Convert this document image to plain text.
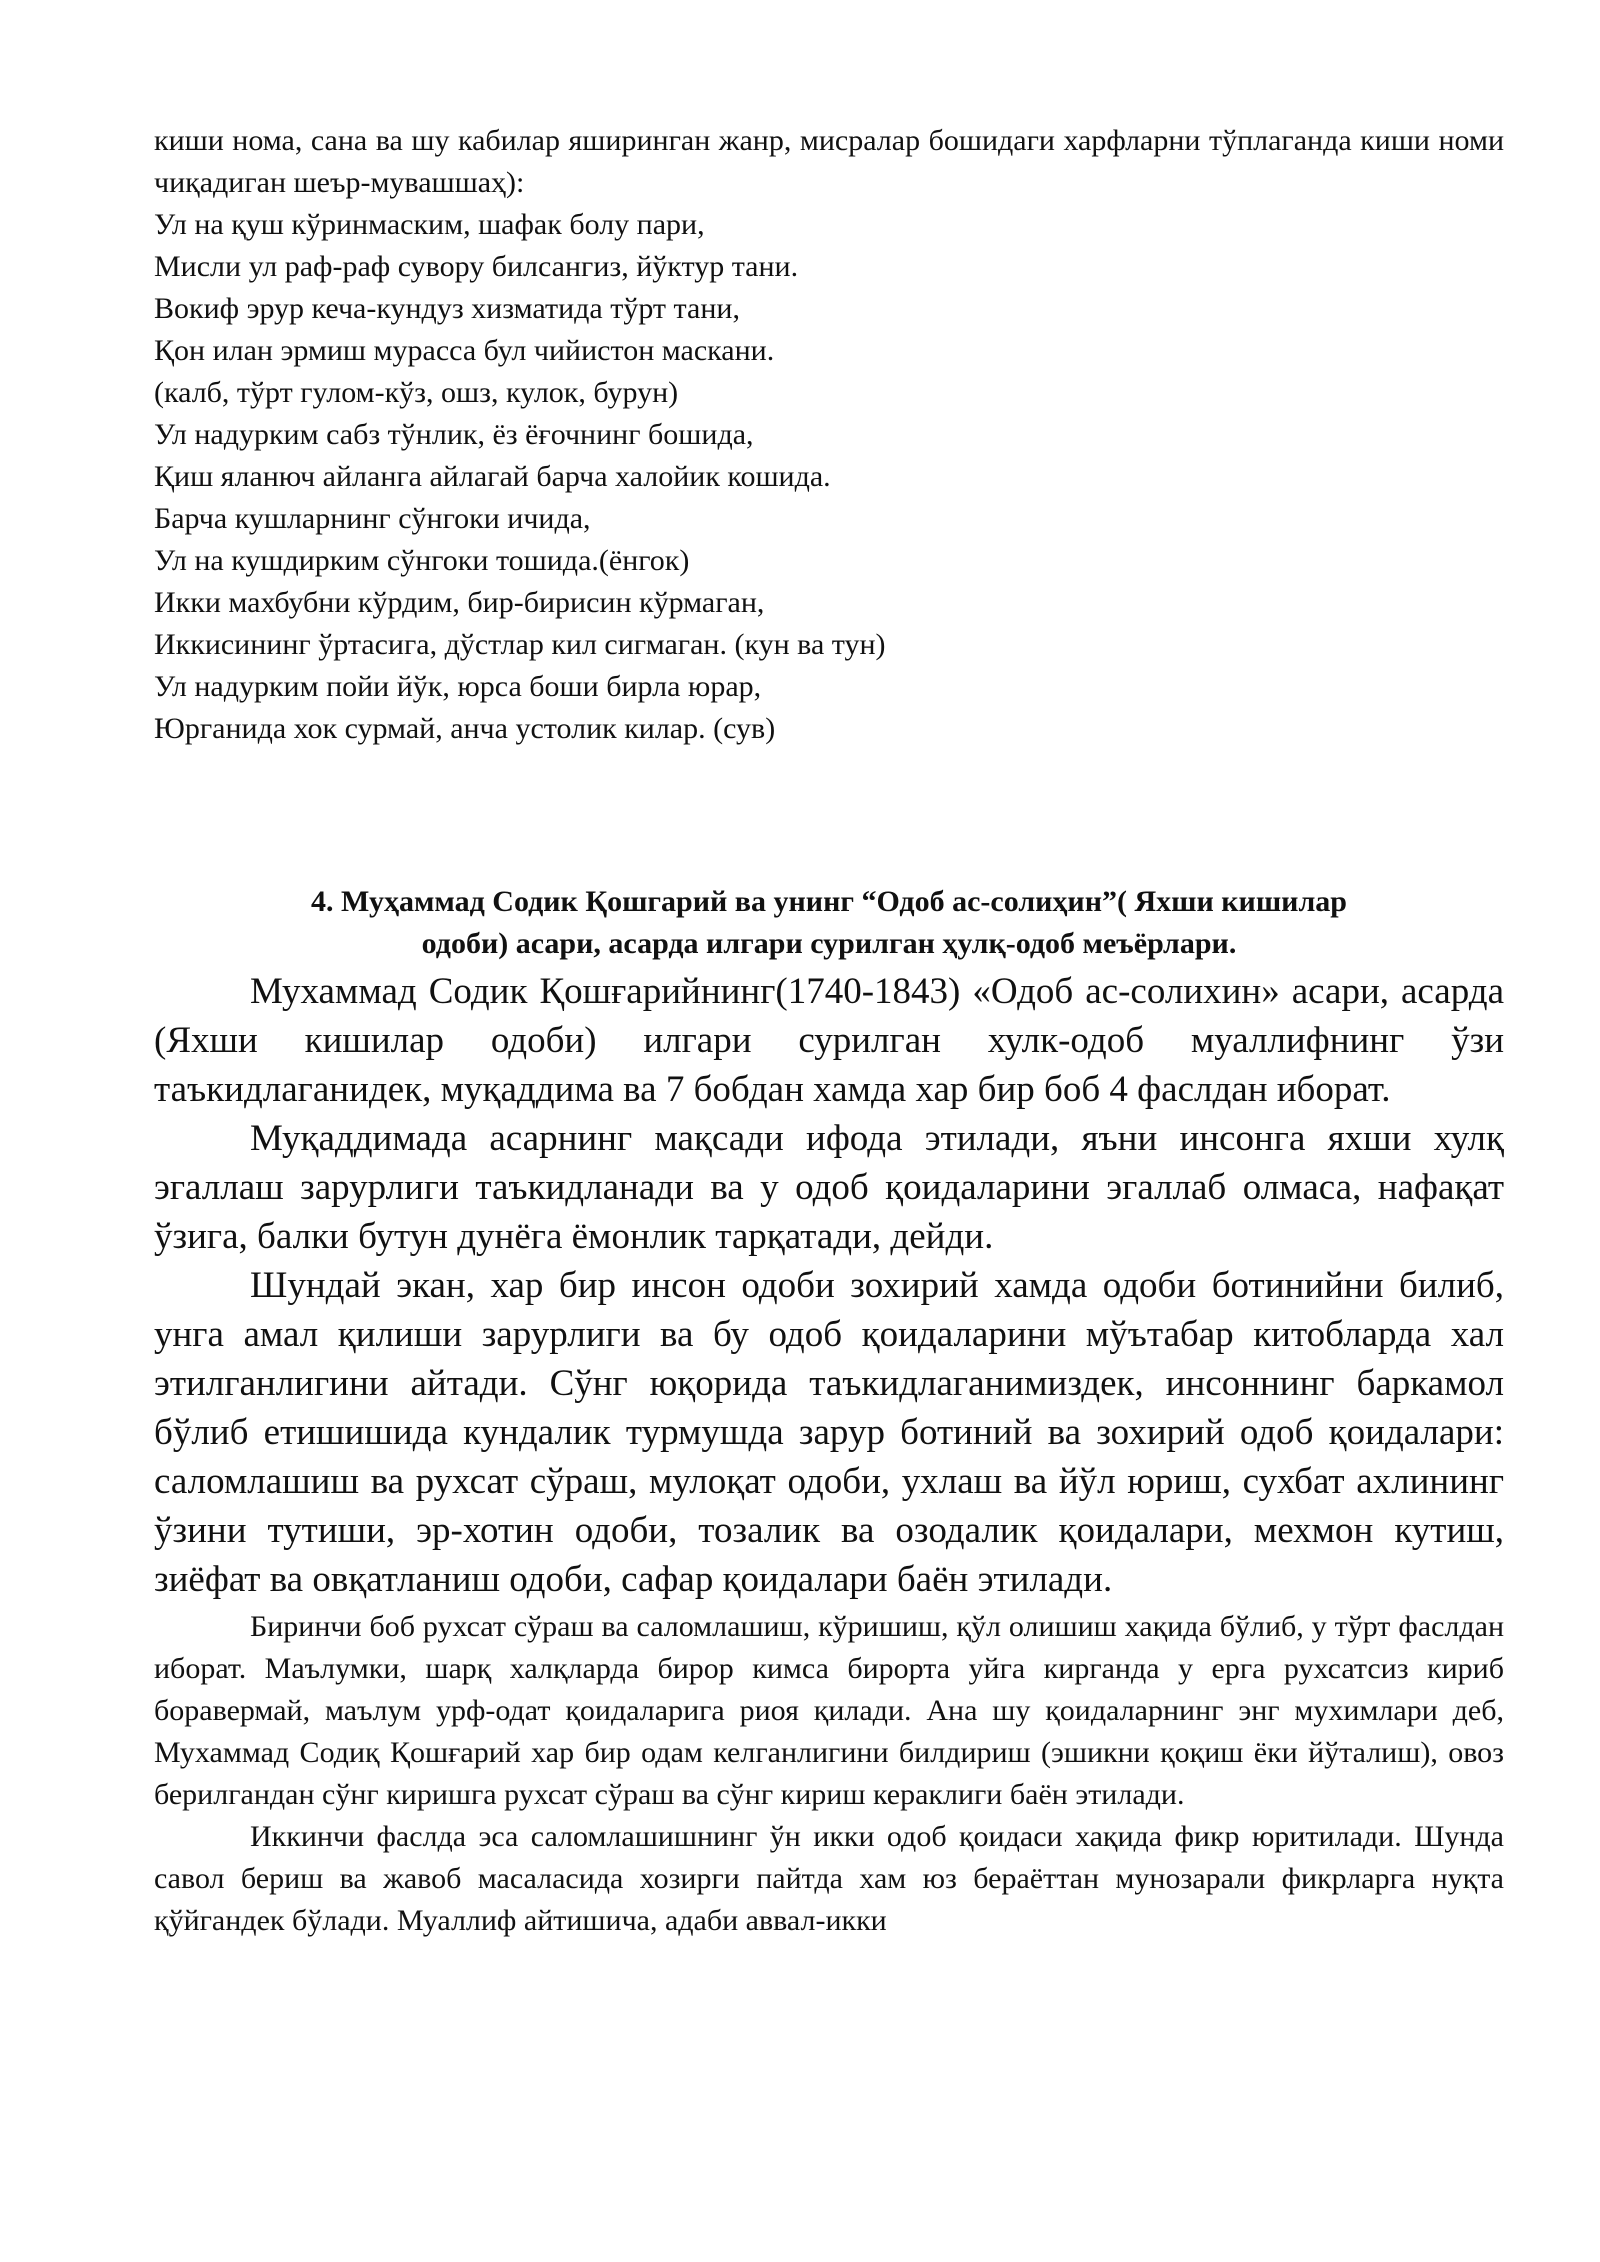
киши нома, сана ва шу кабилар яширинган жанр, мисралар бошидаги харфларни тўплаганда киши номи чиқадиган шеър-мувашшаҳ):

Ул на қуш кўринмаским, шафак болу пари,

Мисли ул раф-раф сувору билсангиз, йўктур тани.

Вокиф эрур кеча-кундуз хизматида тўрт тани,

Қон илан эрмиш мурасса бул чийистон маскани.

(калб, тўрт гулом-кўз, ошз, кулок, бурун)

Ул надурким сабз тўнлик, ёз ёғочнинг бошида,

Қиш яланюч айланга айлагай барча халойик кошида.

Барча кушларнинг сўнгоки ичида,

Ул на кушдирким сўнгоки тошида.(ёнгок)

Икки махбубни кўрдим, бир-бирисин кўрмаган,

Иккисининг ўртасига, дўстлар кил сигмаган. (кун ва тун)

Ул надурким пойи йўк, юрса боши бирла юрар,

Юрганида хок сурмай, анча устолик килар. (сув)

4. Муҳаммад Содик Қошгарий ва унинг “Одоб ас-солиҳин”( Яхши кишилар
одоби) асари, асарда илгари сурилган ҳулқ-одоб меъёрлари.

Мухаммад Содик Қошғарийнинг(1740-1843) «Одоб ас-солихин» асари, асарда (Яхши кишилар одоби) илгари сурилган хулк-одоб муаллифнинг ўзи таъкидлаганидек, муқаддима ва 7 бобдан хамда хар бир боб 4 фаслдан иборат.

Муқаддимада асарнинг мақсади ифода этилади, яъни инсонга яхши хулқ эгаллаш зарурлиги таъкидланади ва у одоб қоидаларини эгаллаб олмаса, нафақат ўзига, балки бутун дунёга ёмонлик тарқатади, дейди.

Шундай экан, хар бир инсон одоби зохирий хамда одоби ботинийни билиб, унга амал қилиши зарурлиги ва бу одоб қоидаларини мўътабар китобларда хал этилганлигини айтади. Сўнг юқорида таъкидлаганимиздек, инсоннинг баркамол бўлиб етишишида кундалик турмушда зарур ботиний ва зохирий одоб қоидалари: саломлашиш ва рухсат сўраш, мулоқат одоби, ухлаш ва йўл юриш, сухбат ахлининг ўзини тутиши, эр-хотин одоби, тозалик ва озодалик қоидалари, мехмон кутиш, зиёфат ва овқатланиш одоби, сафар қоидалари баён этилади.

Биринчи боб рухсат сўраш ва саломлашиш, кўришиш, қўл олишиш хақида бўлиб, у тўрт фаслдан иборат. Маълумки, шарқ халқларда бирор кимса бирорта уйга кирганда у ерга рухсатсиз кириб боравермай, маълум урф-одат қоидаларига риоя қилади. Ана шу қоидаларнинг энг мухимлари деб, Мухаммад Содиқ Қошғарий хар бир одам келганлигини билдириш (эшикни қоқиш ёки йўталиш), овоз берилгандан сўнг киришга рухсат сўраш ва сўнг кириш кераклиги баён этилади.

Иккинчи фаслда эса саломлашишнинг ўн икки одоб қоидаси хақида фикр юритилади. Шунда савол бериш ва жавоб масаласида хозирги пайтда хам юз бераёттан мунозарали фикрларга нуқта қўйгандек бўлади. Муаллиф айтишича, адаби аввал-икки
